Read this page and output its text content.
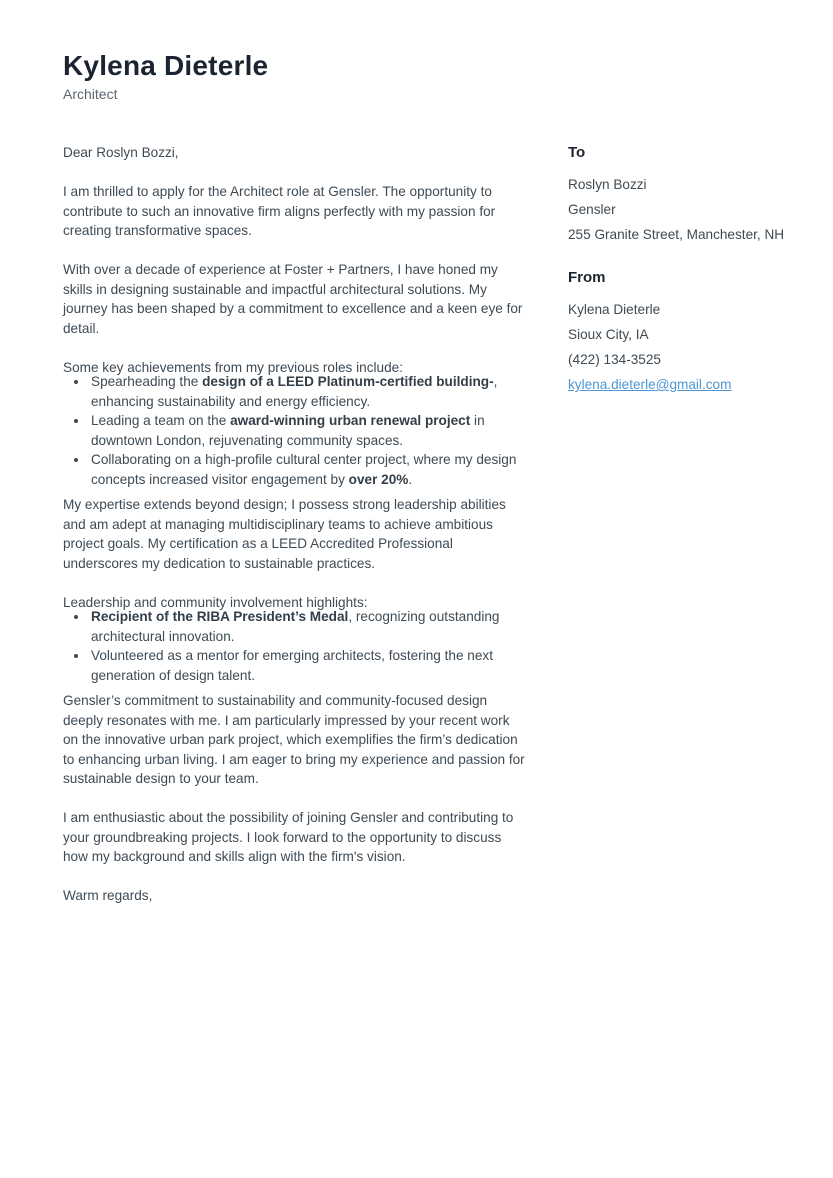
Kylena Dieterle
Architect

Dear Roslyn Bozzi,

I am thrilled to apply for the Architect role at Gensler. The opportunity to contribute to such an innovative firm aligns perfectly with my passion for creating transformative spaces.

With over a decade of experience at Foster + Partners, I have honed my skills in designing sustainable and impactful architectural solutions. My journey has been shaped by a commitment to excellence and a keen eye for detail.

Some key achievements from my previous roles include:

• Spearheading the design of a LEED Platinum-certified building-, enhancing sustainability and energy efficiency.
• Leading a team on the award-winning urban renewal project in downtown London, rejuvenating community spaces.
• Collaborating on a high-profile cultural center project, where my design concepts increased visitor engagement by over 20%.

My expertise extends beyond design; I possess strong leadership abilities and am adept at managing multidisciplinary teams to achieve ambitious project goals. My certification as a LEED Accredited Professional underscores my dedication to sustainable practices.

Leadership and community involvement highlights:

• Recipient of the RIBA President’s Medal, recognizing outstanding architectural innovation.
• Volunteered as a mentor for emerging architects, fostering the next generation of design talent.

Gensler’s commitment to sustainability and community-focused design deeply resonates with me. I am particularly impressed by your recent work on the innovative urban park project, which exemplifies the firm’s dedication to enhancing urban living. I am eager to bring my experience and passion for sustainable design to your team.

I am enthusiastic about the possibility of joining Gensler and contributing to your groundbreaking projects. I look forward to the opportunity to discuss how my background and skills align with the firm's vision.

Warm regards,

To
Roslyn Bozzi
Gensler
255 Granite Street, Manchester, NH
From
Kylena Dieterle
Sioux City, IA
(422) 134-3525
kylena.dieterle@gmail.com
